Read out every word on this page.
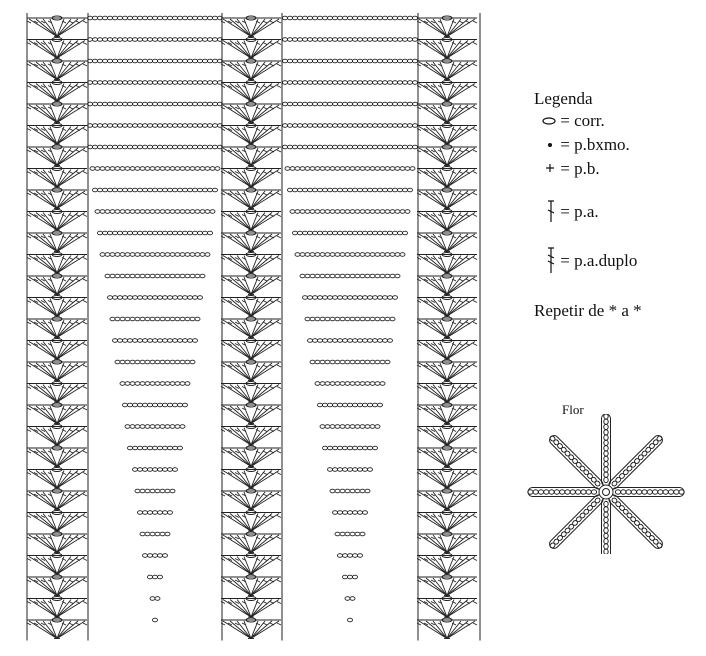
Legenda
= corr.
= p.bxmo.
= p.b.
= p.a.
= p.a.duplo
Repetir de * a *
Flor
